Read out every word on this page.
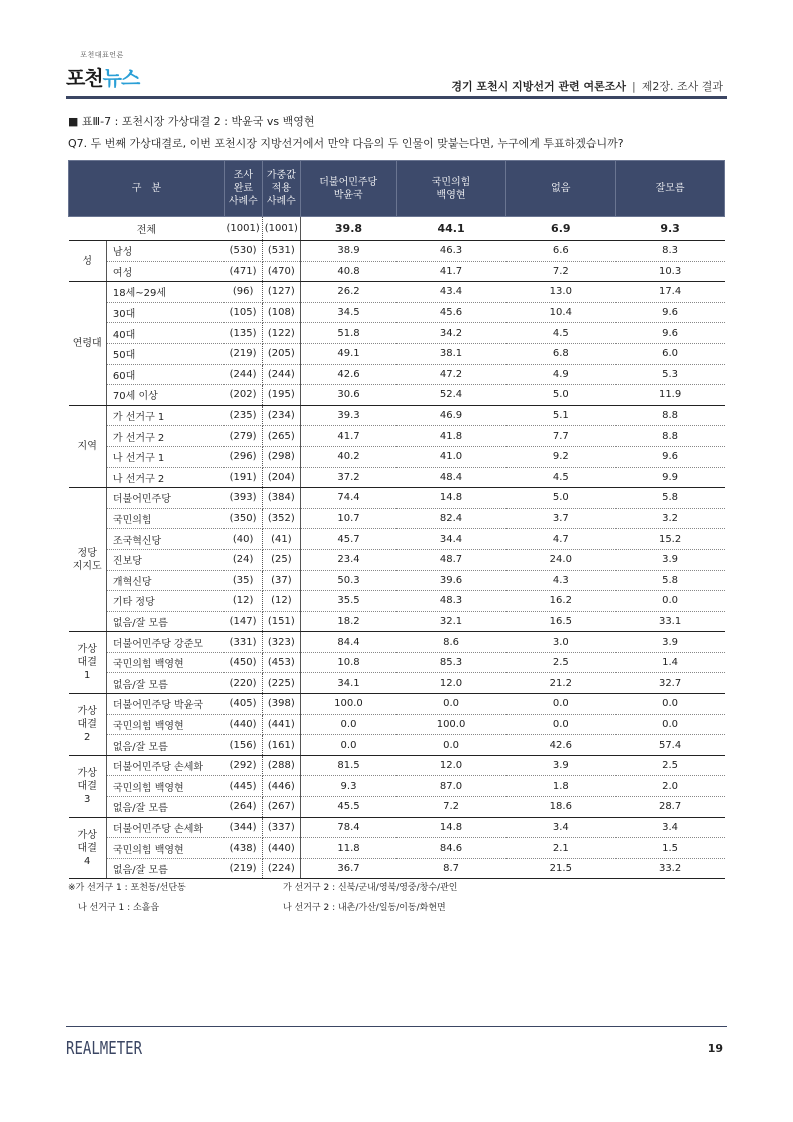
포천대표언론
포천뉴스	경기 포천시 지방선거 관련 여론조사 | 제2장. 조사 결과
■ 표Ⅲ-7 : 포천시장 가상대결 2 : 박윤국 vs 백영현
Q7. 두 번째 가상대결로, 이번 포천시장 지방선거에서 만약 다음의 두 인물이 맞붙는다면, 누구에게 투표하겠습니까?
구　분		조사
완료
사례수	가중값
적용
사례수	더불어민주당
박윤국	국민의힘
백영현	없음	잘모름
전체		(1001)	(1001)	39.8	44.1	6.9	9.3
성	남성	(530)	(531)	38.9	46.3	6.6	8.3
	여성	(471)	(470)	40.8	41.7	7.2	10.3
연령대	18세~29세	(96)	(127)	26.2	43.4	13.0	17.4
	30대	(105)	(108)	34.5	45.6	10.4	9.6
	40대	(135)	(122)	51.8	34.2	4.5	9.6
	50대	(219)	(205)	49.1	38.1	6.8	6.0
	60대	(244)	(244)	42.6	47.2	4.9	5.3
	70세 이상	(202)	(195)	30.6	52.4	5.0	11.9
지역	가 선거구 1	(235)	(234)	39.3	46.9	5.1	8.8
	가 선거구 2	(279)	(265)	41.7	41.8	7.7	8.8
	나 선거구 1	(296)	(298)	40.2	41.0	9.2	9.6
	나 선거구 2	(191)	(204)	37.2	48.4	4.5	9.9
정당
지지도	더불어민주당	(393)	(384)	74.4	14.8	5.0	5.8
	국민의힘	(350)	(352)	10.7	82.4	3.7	3.2
	조국혁신당	(40)	(41)	45.7	34.4	4.7	15.2
	진보당	(24)	(25)	23.4	48.7	24.0	3.9
	개혁신당	(35)	(37)	50.3	39.6	4.3	5.8
	기타 정당	(12)	(12)	35.5	48.3	16.2	0.0
	없음/잘 모름	(147)	(151)	18.2	32.1	16.5	33.1
가상
대결
1	더불어민주당 강준모	(331)	(323)	84.4	8.6	3.0	3.9
	국민의힘 백영현	(450)	(453)	10.8	85.3	2.5	1.4
	없음/잘 모름	(220)	(225)	34.1	12.0	21.2	32.7
가상
대결
2	더불어민주당 박윤국	(405)	(398)	100.0	0.0	0.0	0.0
	국민의힘 백영현	(440)	(441)	0.0	100.0	0.0	0.0
	없음/잘 모름	(156)	(161)	0.0	0.0	42.6	57.4
가상
대결
3	더불어민주당 손세화	(292)	(288)	81.5	12.0	3.9	2.5
	국민의힘 백영현	(445)	(446)	9.3	87.0	1.8	2.0
	없음/잘 모름	(264)	(267)	45.5	7.2	18.6	28.7
가상
대결
4	더불어민주당 손세화	(344)	(337)	78.4	14.8	3.4	3.4
	국민의힘 백영현	(438)	(440)	11.8	84.6	2.1	1.5
	없음/잘 모름	(219)	(224)	36.7	8.7	21.5	33.2
※가 선거구 1 : 포천동/선단동	가 선거구 2 : 신북/군내/영북/영중/창수/관인
나 선거구 1 : 소흘읍	나 선거구 2 : 내촌/가산/일동/이동/화현면
REALMETER	19
